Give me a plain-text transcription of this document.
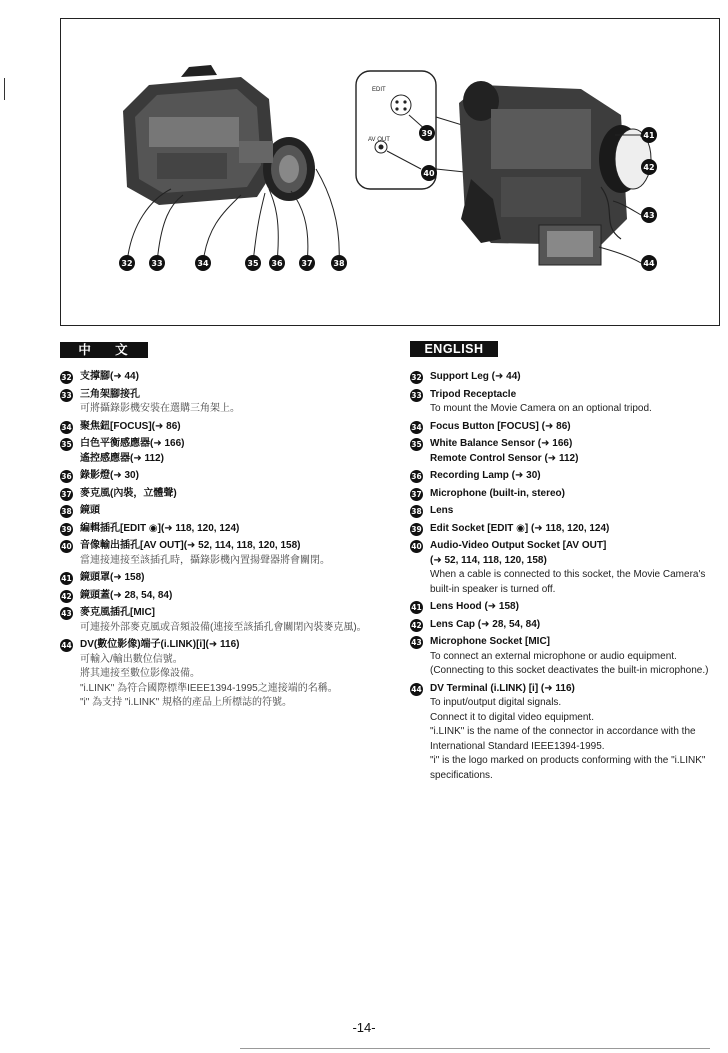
EDIT
AV OUT
32 33	34	35 36 37	38
39
40
41
42
43
44
中 文	ENGLISH
32 支撑腳(➜ 44)
33 三角架腳接孔
可將攝錄影機安裝在選購三角架上。
34 聚焦鈕[FOCUS](➜ 86)
35 白色平衡感應器(➜ 166)
遙控感應器(➜ 112)
36 錄影燈(➜ 30)
37 麥克風(內裝，立體聲)
38 鏡頭
39 編輯插孔[EDIT ◉](➜ 118, 120, 124)
40 音像輸出插孔[AV OUT](➜ 52, 114, 118, 120, 158)
當連接連接至該插孔時，攝錄影機內置揚聲器將會關閉。
41 鏡頭罩(➜ 158)
42 鏡頭蓋(➜ 28, 54, 84)
43 麥克風插孔[MIC]
可連接外部麥克風或音頻設備(連接至該插孔會關閉內裝麥克風)。
44 DV(數位影像)端子(i.LINK)[i](➜ 116)
可輸入/輸出數位信號。
將其連接至數位影像設備。
"i.LINK" 為符合國際標準IEEE1394-1995之連接端的名稱。
"i" 為支持 "i.LINK" 規格的產品上所標誌的符號。
32 Support Leg (➜ 44)
33 Tripod Receptacle
To mount the Movie Camera on an optional tripod.
34 Focus Button [FOCUS] (➜ 86)
35 White Balance Sensor (➜ 166)
Remote Control Sensor (➜ 112)
36 Recording Lamp (➜ 30)
37 Microphone (built-in, stereo)
38 Lens
39 Edit Socket [EDIT ◉] (➜ 118, 120, 124)
40 Audio-Video Output Socket [AV OUT]
(➜ 52, 114, 118, 120, 158)
When a cable is connected to this socket, the Movie Camera's built-in speaker is turned off.
41 Lens Hood (➜ 158)
42 Lens Cap (➜ 28, 54, 84)
43 Microphone Socket [MIC]
To connect an external microphone or audio equipment. (Connecting to this socket deactivates the built-in microphone.)
44 DV Terminal (i.LINK) [i] (➜ 116)
To input/output digital signals.
Connect it to digital video equipment.
"i.LINK" is the name of the connector in accordance with the International Standard IEEE1394-1995.
"i" is the logo marked on products conforming with the "i.LINK" specifications.
-14-
